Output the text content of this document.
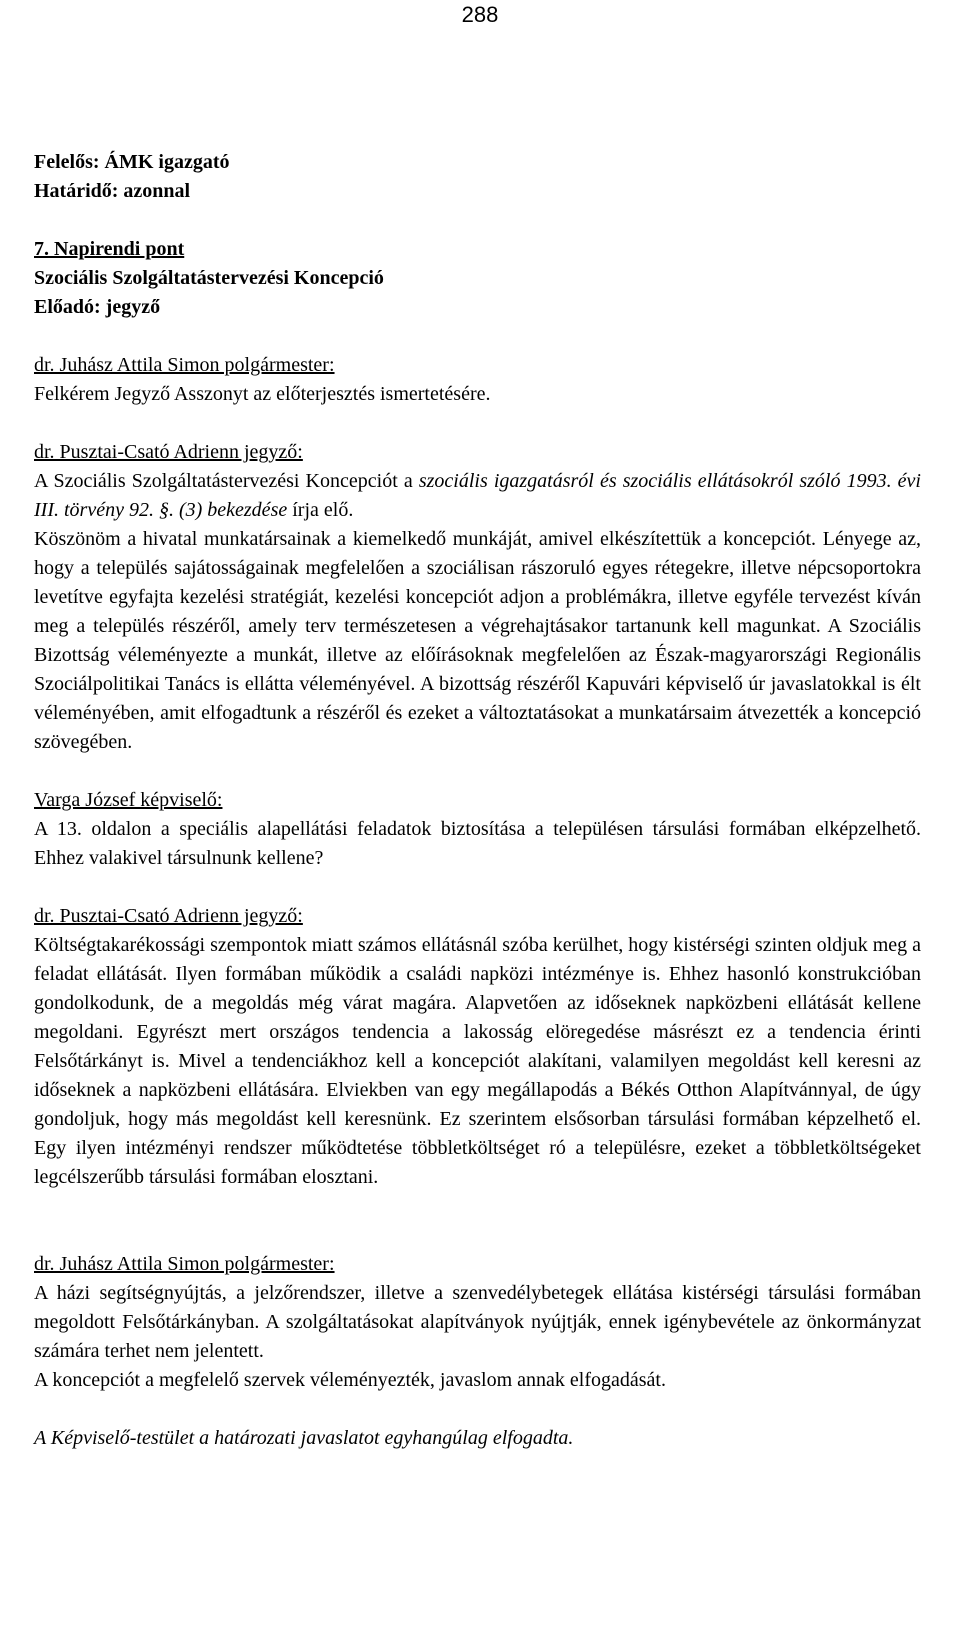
288
Felelős: ÁMK igazgató
Határidő: azonnal
7. Napirendi pont
Szociális Szolgáltatástervezési Koncepció
Előadó: jegyző
dr. Juhász Attila Simon polgármester:

Felkérem Jegyző Asszonyt az előterjesztés ismertetésére.

dr. Pusztai-Csató Adrienn jegyző:

A Szociális Szolgáltatástervezési Koncepciót a szociális igazgatásról és szociális ellátásokról szóló 1993. évi III. törvény 92. §. (3) bekezdése írja elő.

Köszönöm a hivatal munkatársainak a kiemelkedő munkáját, amivel elkészítettük a koncepciót. Lényege az, hogy a település sajátosságainak megfelelően a szociálisan rászoruló egyes rétegekre, illetve népcsoportokra levetítve egyfajta kezelési stratégiát, kezelési koncepciót adjon a problémákra, illetve egyféle tervezést kíván meg a település részéről, amely terv természetesen a végrehajtásakor tartanunk kell magunkat. A Szociális Bizottság véleményezte a munkát, illetve az előírásoknak megfelelően az Észak-magyarországi Regionális Szociálpolitikai Tanács is ellátta véleményével. A bizottság részéről Kapuvári képviselő úr javaslatokkal is élt véleményében, amit elfogadtunk a részéről és ezeket a változtatásokat a munkatársaim átvezették a koncepció szövegében.

Varga József képviselő:

A 13. oldalon a speciális alapellátási feladatok biztosítása a településen társulási formában elképzelhető. Ehhez valakivel társulnunk kellene?

dr. Pusztai-Csató Adrienn jegyző:

Költségtakarékossági szempontok miatt számos ellátásnál szóba kerülhet, hogy kistérségi szinten oldjuk meg a feladat ellátását. Ilyen formában működik a családi napközi intézménye is. Ehhez hasonló konstrukcióban gondolkodunk, de a megoldás még várat magára. Alapvetően az időseknek napközbeni ellátását kellene megoldani. Egyrészt mert országos tendencia a lakosság elöregedése másrészt ez a tendencia érinti Felsőtárkányt is. Mivel a tendenciákhoz kell a koncepciót alakítani, valamilyen megoldást kell keresni az időseknek a napközbeni ellátására. Elviekben van egy megállapodás a Békés Otthon Alapítvánnyal, de úgy gondoljuk, hogy más megoldást kell keresnünk. Ez szerintem elsősorban társulási formában képzelhető el. Egy ilyen intézményi rendszer működtetése többletköltséget ró a településre, ezeket a többletköltségeket legcélszerűbb társulási formában elosztani.

dr. Juhász Attila Simon polgármester:

A házi segítségnyújtás, a jelzőrendszer, illetve a szenvedélybetegek ellátása kistérségi társulási formában megoldott Felsőtárkányban. A szolgáltatásokat alapítványok nyújtják, ennek igénybevétele az önkormányzat számára terhet nem jelentett.

A koncepciót a megfelelő szervek véleményezték, javaslom annak elfogadását.

A Képviselő-testület a határozati javaslatot egyhangúlag elfogadta.
